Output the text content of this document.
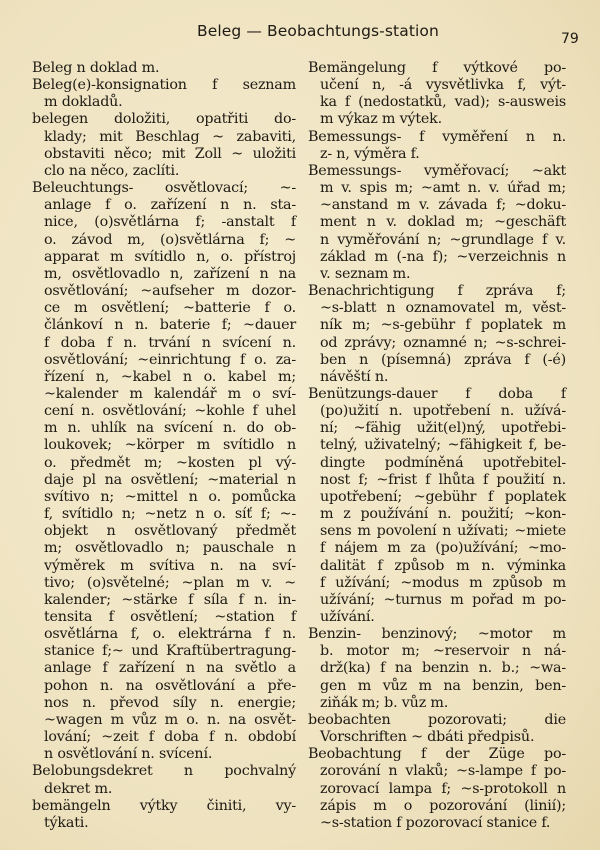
Beleg — Beobachtungs-station	79
Beleg n doklad m.
Beleg(e)-konsignation f seznam
m dokladů.
belegen doložiti, opatřiti do-
klady; mit Beschlag ~ zabaviti,
obstaviti něco; mit Zoll ~ uložiti
clo na něco, zaclíti.
Beleuchtungs- osvětlovací; ~-
anlage f o. zařízení n n. sta-
nice, (o)světlárna f; -anstalt f
o. závod m, (o)světlárna f; ~
apparat m svítidlo n, o. přístroj
m, osvětlovadlo n, zařízení n na
osvětlování; ~aufseher m dozor-
ce m osvětlení; ~batterie f o.
článkoví n n. baterie f; ~dauer
f doba f n. trvání n svícení n.
osvětlování; ~einrichtung f o. za-
řízení n, ~kabel n o. kabel m;
~kalender m kalendář m o sví-
cení n. osvětlování; ~kohle f uhel
m n. uhlík na svícení n. do ob-
loukovek; ~körper m svítidlo n
o. předmět m; ~kosten pl vý-
daje pl na osvětlení; ~material n
svítivo n; ~mittel n o. pomůcka
f, svítidlo n; ~netz n o. síť f; ~-
objekt n osvětlovaný předmět
m; osvětlovadlo n; pauschale n
výměrek m svítiva n. na sví-
tivo; (o)světelné; ~plan m v. ~
kalender; ~stärke f síla f n. in-
tensita f osvětlení; ~station f
osvětlárna f, o. elektrárna f n.
stanice f;~ und Kraftübertragung-
anlage f zařízení n na světlo a
pohon n. na osvětlování a pře-
nos n. převod síly n. energie;
~wagen m vůz m o. n. na osvět-
lování; ~zeit f doba f n. období
n osvětlování n. svícení.
Belobungsdekret n pochvalný
dekret m.
bemängeln výtky činiti, vy-
týkati.
Bemängelung f výtkové po-
učení n, -á vysvětlivka f, výt-
ka f (nedostatků, vad); s-ausweis
m výkaz m výtek.
Bemessungs- f vyměření n n.
z- n, výměra f.
Bemessungs- vyměřovací; ~akt
m v. spis m; ~amt n. v. úřad m;
~anstand m v. závada f; ~doku-
ment n v. doklad m; ~geschäft
n vyměřování n; ~grundlage f v.
základ m (-na f); ~verzeichnis n
v. seznam m.
Benachrichtigung f zpráva f;
~s-blatt n oznamovatel m, věst-
ník m; ~s-gebühr f poplatek m
od zprávy; oznamné n; ~s-schrei-
ben n (písemná) zpráva f (-é)
návěští n.
Benützungs-dauer f doba f
(po)užití n. upotřebení n. užívá-
ní; ~fähig užit(el)ný, upotřebi-
telný, uživatelný; ~fähigkeit f, be-
dingte podmíněná upotřebitel-
nost f; ~frist f lhůta f použití n.
upotřebení; ~gebühr f poplatek
m z používání n. použití; ~kon-
sens m povolení n užívati; ~miete
f nájem m za (po)užívání; ~mo-
dalität f způsob m n. výminka
f užívání; ~modus m způsob m
užívání; ~turnus m pořad m po-
užívání.
Benzin- benzinový; ~motor m
b. motor m; ~reservoir n ná-
drž(ka) f na benzin n. b.; ~wa-
gen m vůz m na benzin, ben-
ziňák m; b. vůz m.
beobachten pozorovati; die
Vorschriften ~ dbáti předpisů.
Beobachtung f der Züge po-
zorování n vlaků; ~s-lampe f po-
zorovací lampa f; ~s-protokoll n
zápis m o pozorování (linií);
~s-station f pozorovací stanice f.
